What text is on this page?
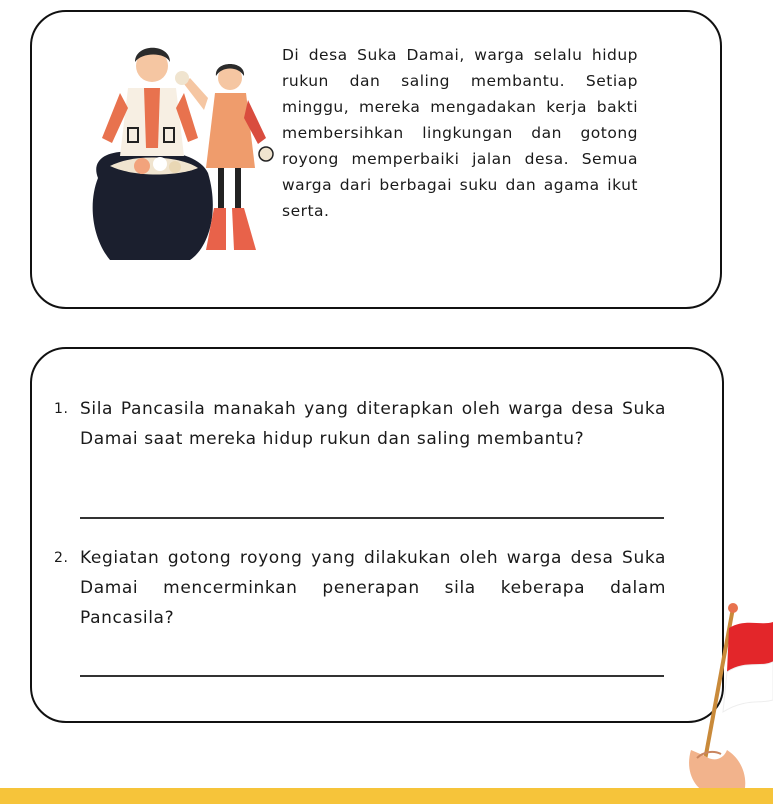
Di desa Suka Damai, warga selalu hidup rukun dan saling membantu. Setiap minggu, mereka mengadakan kerja bakti membersihkan lingkungan dan gotong royong memperbaiki jalan desa. Semua warga dari berbagai suku dan agama ikut serta.
1. Sila Pancasila manakah yang diterapkan oleh warga desa Suka Damai saat mereka hidup rukun dan saling membantu?
2. Kegiatan gotong royong yang dilakukan oleh warga desa Suka Damai mencerminkan penerapan sila keberapa dalam Pancasila?
